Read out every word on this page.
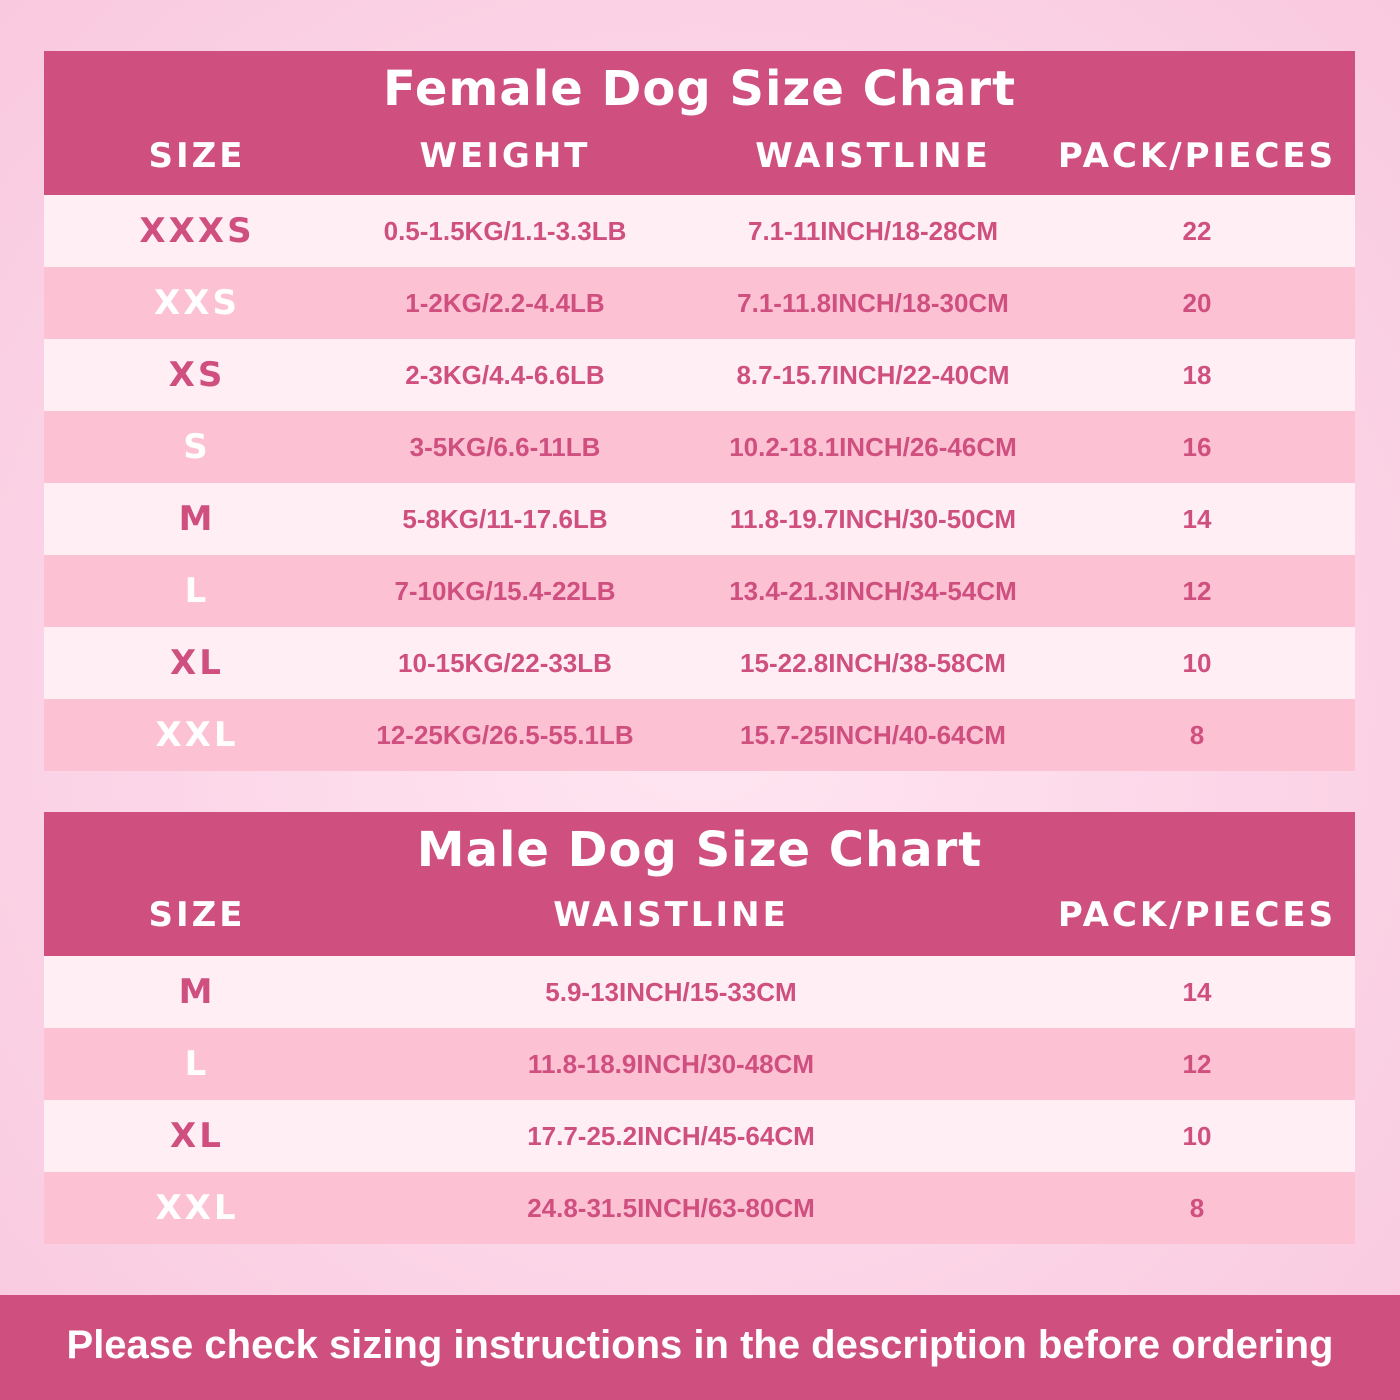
Female Dog Size Chart
SIZE	WEIGHT	WAISTLINE	PACK/PIECES
XXXS	0.5-1.5KG/1.1-3.3LB	7.1-11INCH/18-28CM	22
XXS	1-2KG/2.2-4.4LB	7.1-11.8INCH/18-30CM	20
XS	2-3KG/4.4-6.6LB	8.7-15.7INCH/22-40CM	18
S	3-5KG/6.6-11LB	10.2-18.1INCH/26-46CM	16
M	5-8KG/11-17.6LB	11.8-19.7INCH/30-50CM	14
L	7-10KG/15.4-22LB	13.4-21.3INCH/34-54CM	12
XL	10-15KG/22-33LB	15-22.8INCH/38-58CM	10
XXL	12-25KG/26.5-55.1LB	15.7-25INCH/40-64CM	8
Male Dog Size Chart
SIZE	WAISTLINE	PACK/PIECES
M	5.9-13INCH/15-33CM	14
L	11.8-18.9INCH/30-48CM	12
XL	17.7-25.2INCH/45-64CM	10
XXL	24.8-31.5INCH/63-80CM	8
Please check sizing instructions in the description before ordering
